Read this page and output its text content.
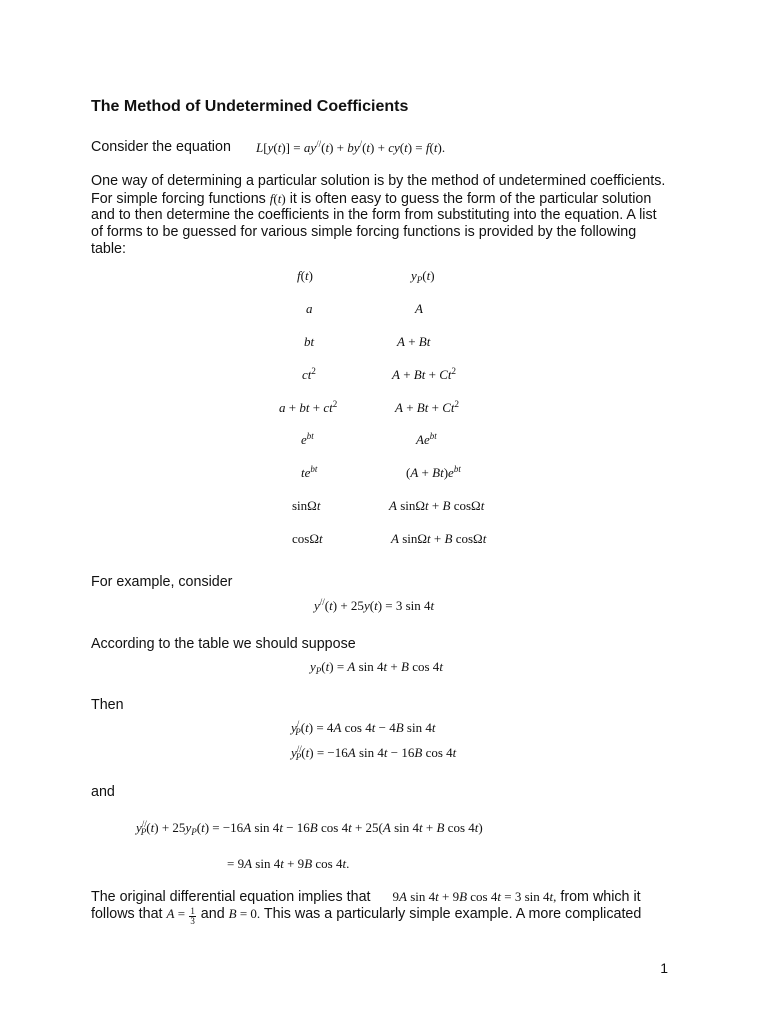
The Method of Undetermined Coefficients
Consider the equation L[y(t)] = ay//(t) + by/(t) + cy(t) = f(t).
One way of determining a particular solution is by the method of undetermined coefficients.
For simple forcing functions f(t) it is often easy to guess the form of the particular solution
and to then determine the coefficients in the form from substituting into the equation. A list
of forms to be guessed for various simple forcing functions is provided by the following
table:
f(t)	$y_P(t)$
a	A
bt	A + Bt
$ct^2$	$A + Bt + Ct^2$
a + bt + $ct^2$	$A + Bt + Ct^2$
$e^{bt}$	$Ae^{bt}$
$te^{bt}$	$(A + Bt)e^{bt}$
sinΩt	A sinΩt + B cosΩt
cosΩt	A sinΩt + B cosΩt
For example, consider
y//(t) + 25y(t) = 3 sin 4t
According to the table we should suppose
$y_P(t) = A$ sin 4t + B cos 4t
Then
$y^/_P(t) = 4A$ cos 4t − 4B sin 4t
$y^{//}_P(t) = -16A$ sin 4t − 16B cos 4t
and
$y^{//}_P(t) + 25y_P(t) = -16A$ sin 4t − 16B cos 4t + 25(A sin 4t + B cos 4t)
= 9A sin 4t + 9B cos 4t.
The original differential equation implies that 9A sin 4t + 9B cos 4t = 3 sin 4t, from which it
follows that $A = \frac{1}{3}$ and B = 0. This was a particularly simple example. A more complicated
1
